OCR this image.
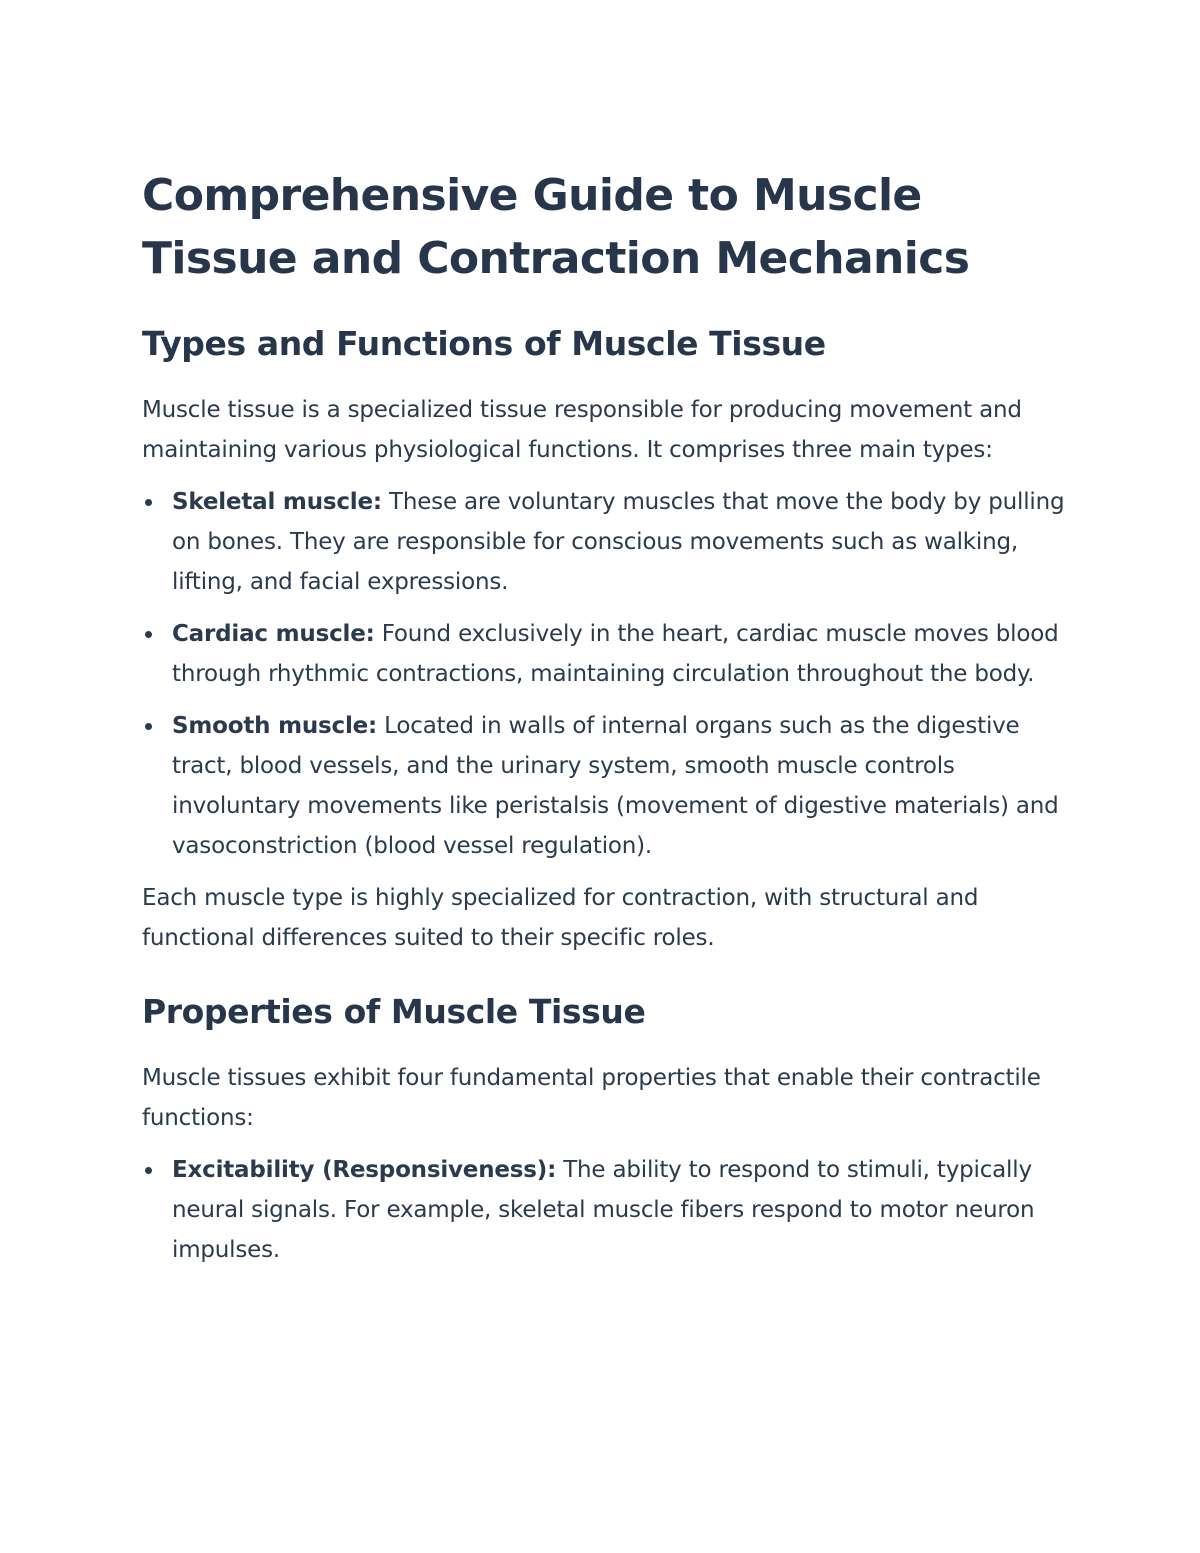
Comprehensive Guide to Muscle Tissue and Contraction Mechanics
Types and Functions of Muscle Tissue

Muscle tissue is a specialized tissue responsible for producing movement and maintaining various physiological functions. It comprises three main types:

Skeletal muscle: These are voluntary muscles that move the body by pulling on bones. They are responsible for conscious movements such as walking, lifting, and facial expressions.
Cardiac muscle: Found exclusively in the heart, cardiac muscle moves blood through rhythmic contractions, maintaining circulation throughout the body.
Smooth muscle: Located in walls of internal organs such as the digestive tract, blood vessels, and the urinary system, smooth muscle controls involuntary movements like peristalsis (movement of digestive materials) and vasoconstriction (blood vessel regulation).

Each muscle type is highly specialized for contraction, with structural and functional differences suited to their specific roles.

Properties of Muscle Tissue

Muscle tissues exhibit four fundamental properties that enable their contractile functions:

Excitability (Responsiveness): The ability to respond to stimuli, typically neural signals. For example, skeletal muscle fibers respond to motor neuron impulses.
